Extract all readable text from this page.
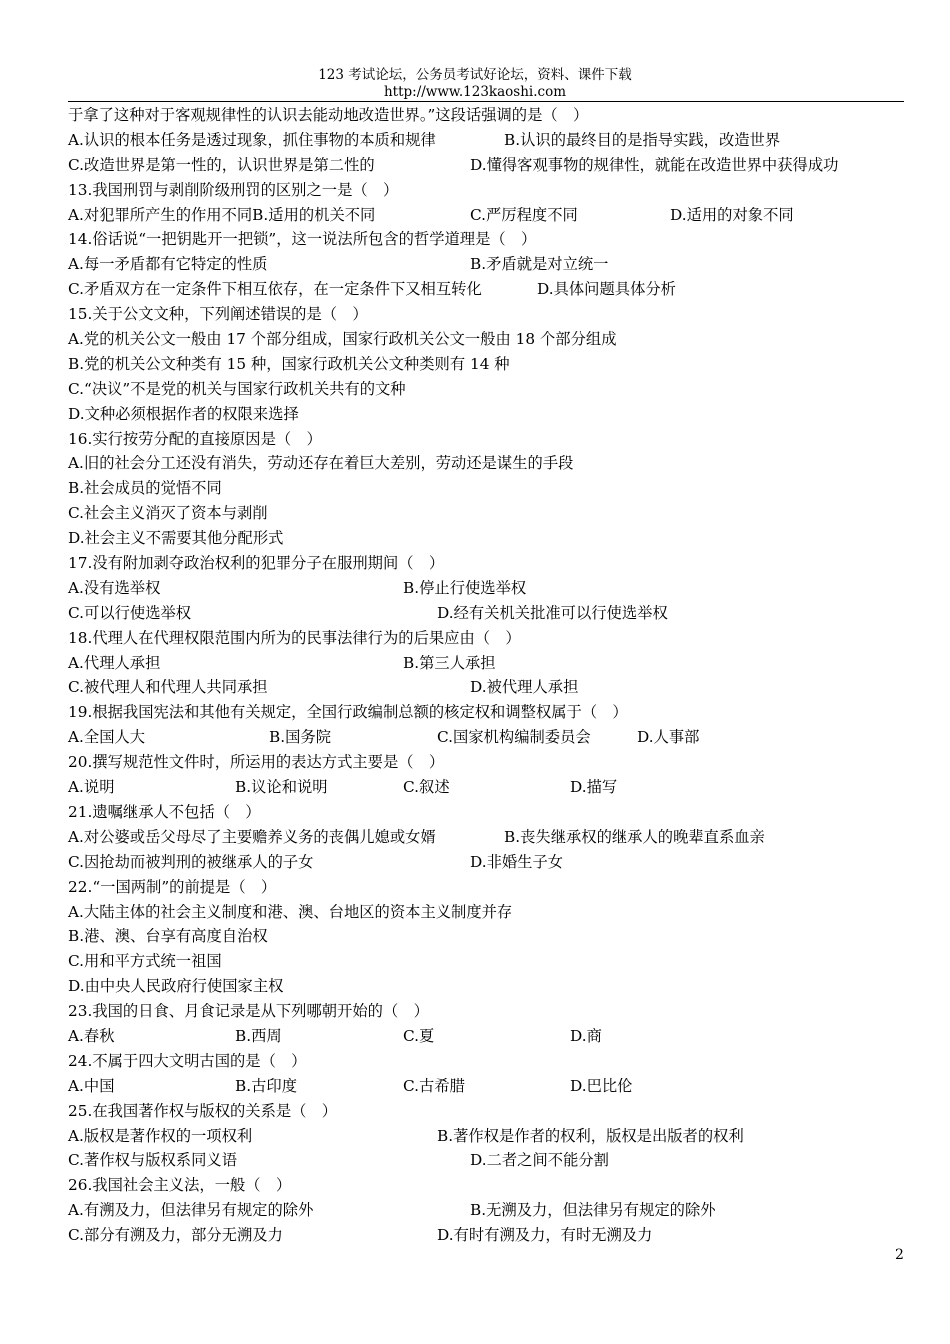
123 考试论坛，公务员考试好论坛，资料、课件下载
http://www.123kaoshi.com
于拿了这种对于客观规律性的认识去能动地改造世界。”这段话强调的是（　）
A.认识的根本任务是透过现象，抓住事物的本质和规律	B.认识的最终目的是指导实践，改造世界
C.改造世界是第一性的，认识世界是第二性的	D.懂得客观事物的规律性，就能在改造世界中获得成功
13.我国刑罚与剥削阶级刑罚的区别之一是（　）
A.对犯罪所产生的作用不同B.适用的机关不同	C.严厉程度不同	D.适用的对象不同
14.俗话说“一把钥匙开一把锁”，这一说法所包含的哲学道理是（　）
A.每一矛盾都有它特定的性质	B.矛盾就是对立统一
C.矛盾双方在一定条件下相互依存，在一定条件下又相互转化	D.具体问题具体分析
15.关于公文文种，下列阐述错误的是（　）
A.党的机关公文一般由 17 个部分组成，国家行政机关公文一般由 18 个部分组成
B.党的机关公文种类有 15 种，国家行政机关公文种类则有 14 种
C.“决议”不是党的机关与国家行政机关共有的文种
D.文种必须根据作者的权限来选择
16.实行按劳分配的直接原因是（　）
A.旧的社会分工还没有消失，劳动还存在着巨大差别，劳动还是谋生的手段
B.社会成员的觉悟不同
C.社会主义消灭了资本与剥削
D.社会主义不需要其他分配形式
17.没有附加剥夺政治权利的犯罪分子在服刑期间（　）
A.没有选举权	B.停止行使选举权
C.可以行使选举权	D.经有关机关批准可以行使选举权
18.代理人在代理权限范围内所为的民事法律行为的后果应由（　）
A.代理人承担	B.第三人承担
C.被代理人和代理人共同承担	D.被代理人承担
19.根据我国宪法和其他有关规定，全国行政编制总额的核定权和调整权属于（　）
A.全国人大	B.国务院	C.国家机构编制委员会	D.人事部
20.撰写规范性文件时，所运用的表达方式主要是（　）
A.说明	B.议论和说明	C.叙述	D.描写
21.遗嘱继承人不包括（　）
A.对公婆或岳父母尽了主要赡养义务的丧偶儿媳或女婿	B.丧失继承权的继承人的晚辈直系血亲
C.因抢劫而被判刑的被继承人的子女	D.非婚生子女
22.“一国两制”的前提是（　）
A.大陆主体的社会主义制度和港、澳、台地区的资本主义制度并存
B.港、澳、台享有高度自治权
C.用和平方式统一祖国
D.由中央人民政府行使国家主权
23.我国的日食、月食记录是从下列哪朝开始的（　）
A.春秋	B.西周	C.夏	D.商
24.不属于四大文明古国的是（　）
A.中国	B.古印度	C.古希腊	D.巴比伦
25.在我国著作权与版权的关系是（　）
A.版权是著作权的一项权利	B.著作权是作者的权利，版权是出版者的权利
C.著作权与版权系同义语	D.二者之间不能分割
26.我国社会主义法，一般（　）
A.有溯及力，但法律另有规定的除外	B.无溯及力，但法律另有规定的除外
C.部分有溯及力，部分无溯及力	D.有时有溯及力，有时无溯及力
2
